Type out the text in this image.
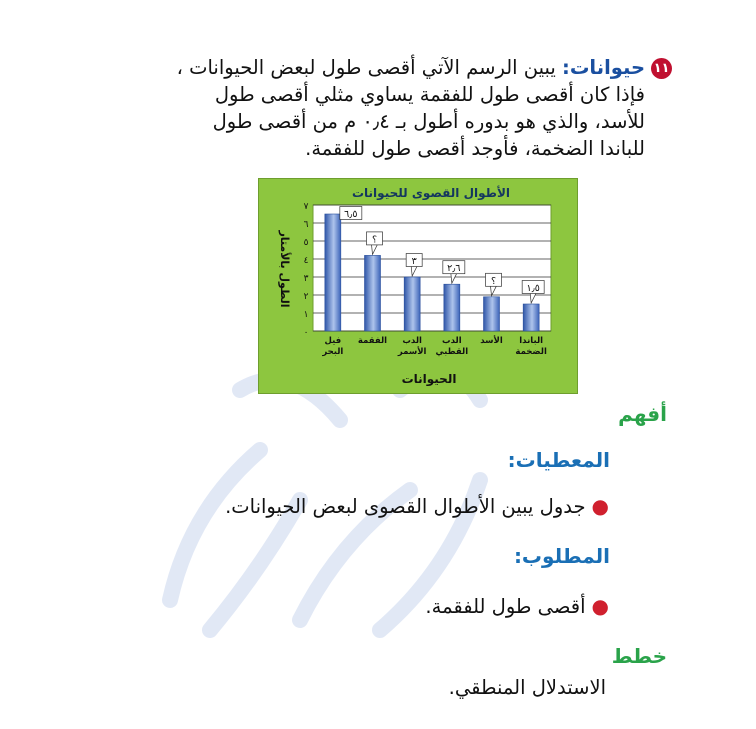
١١حيوانات: يبين الرسم الآتي أقصى طول لبعض الحيوانات ،

فإذا كان أقصى طول للفقمة يساوي مثلي أقصى طول

للأسد، والذي هو بدوره أطول بـ ٠٫٤ م من أقصى طول

للباندا الضخمة، فأوجد أقصى طول للفقمة.

الأطوال القصوى للحيوانات
٠
١
٢
٣
٤
٥
٦
٧
٦٫٥
فيل
البحر
؟
الفقمة
٣
الدب
الأسمر
٢٫٦
الدب
القطبي
؟
الأسد
١٫٥
الباندا
الضخمة
الطول بالأمتار
الحيوانات

أفهم

المعطيات:

●جدول يبين الأطوال القصوى لبعض الحيوانات.

المطلوب:

●أقصى طول للفقمة.

خطط

الاستدلال المنطقي.
